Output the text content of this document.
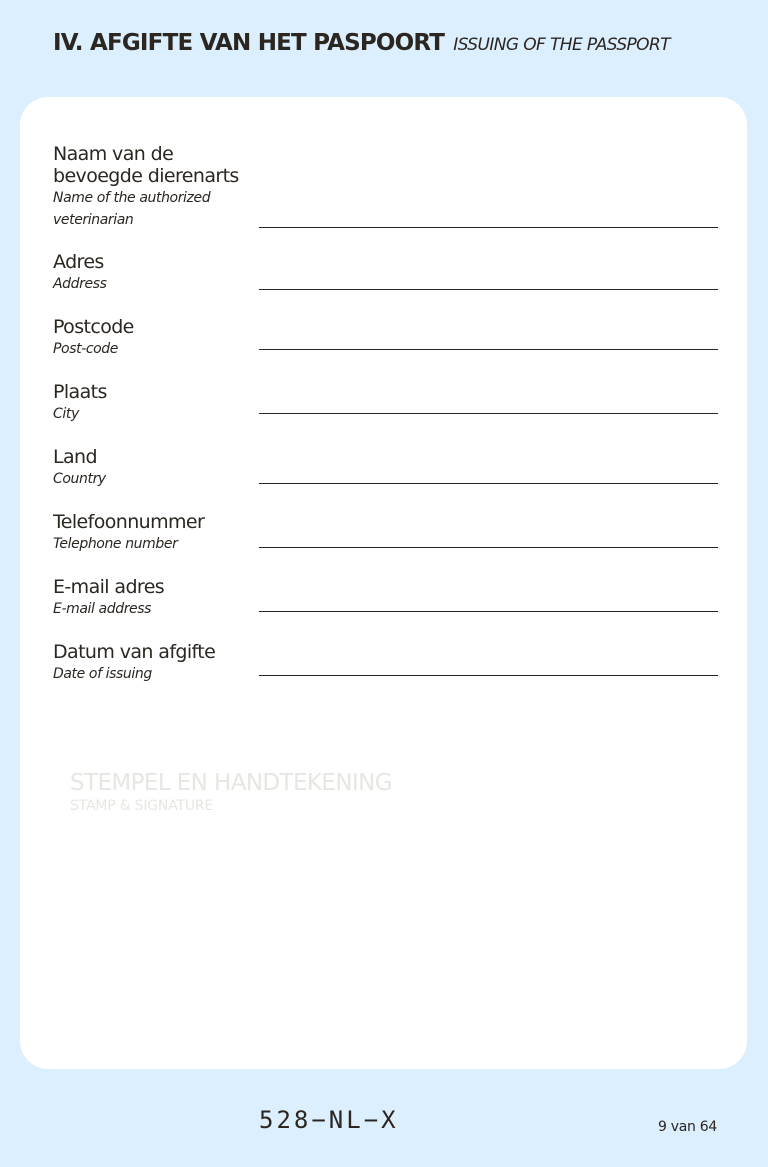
IV. AFGIFTE VAN HET PASPOORT ISSUING OF THE PASSPORT
Naam van de bevoegde dierenarts
Name of the authorized veterinarian
Adres
Address
Postcode
Post-code
Plaats
City
Land
Country
Telefoonnummer
Telephone number
E-mail adres
E-mail address
Datum van afgifte
Date of issuing
STEMPEL EN HANDTEKENING
STAMP & SIGNATURE
528−NL−X	9 van 64
